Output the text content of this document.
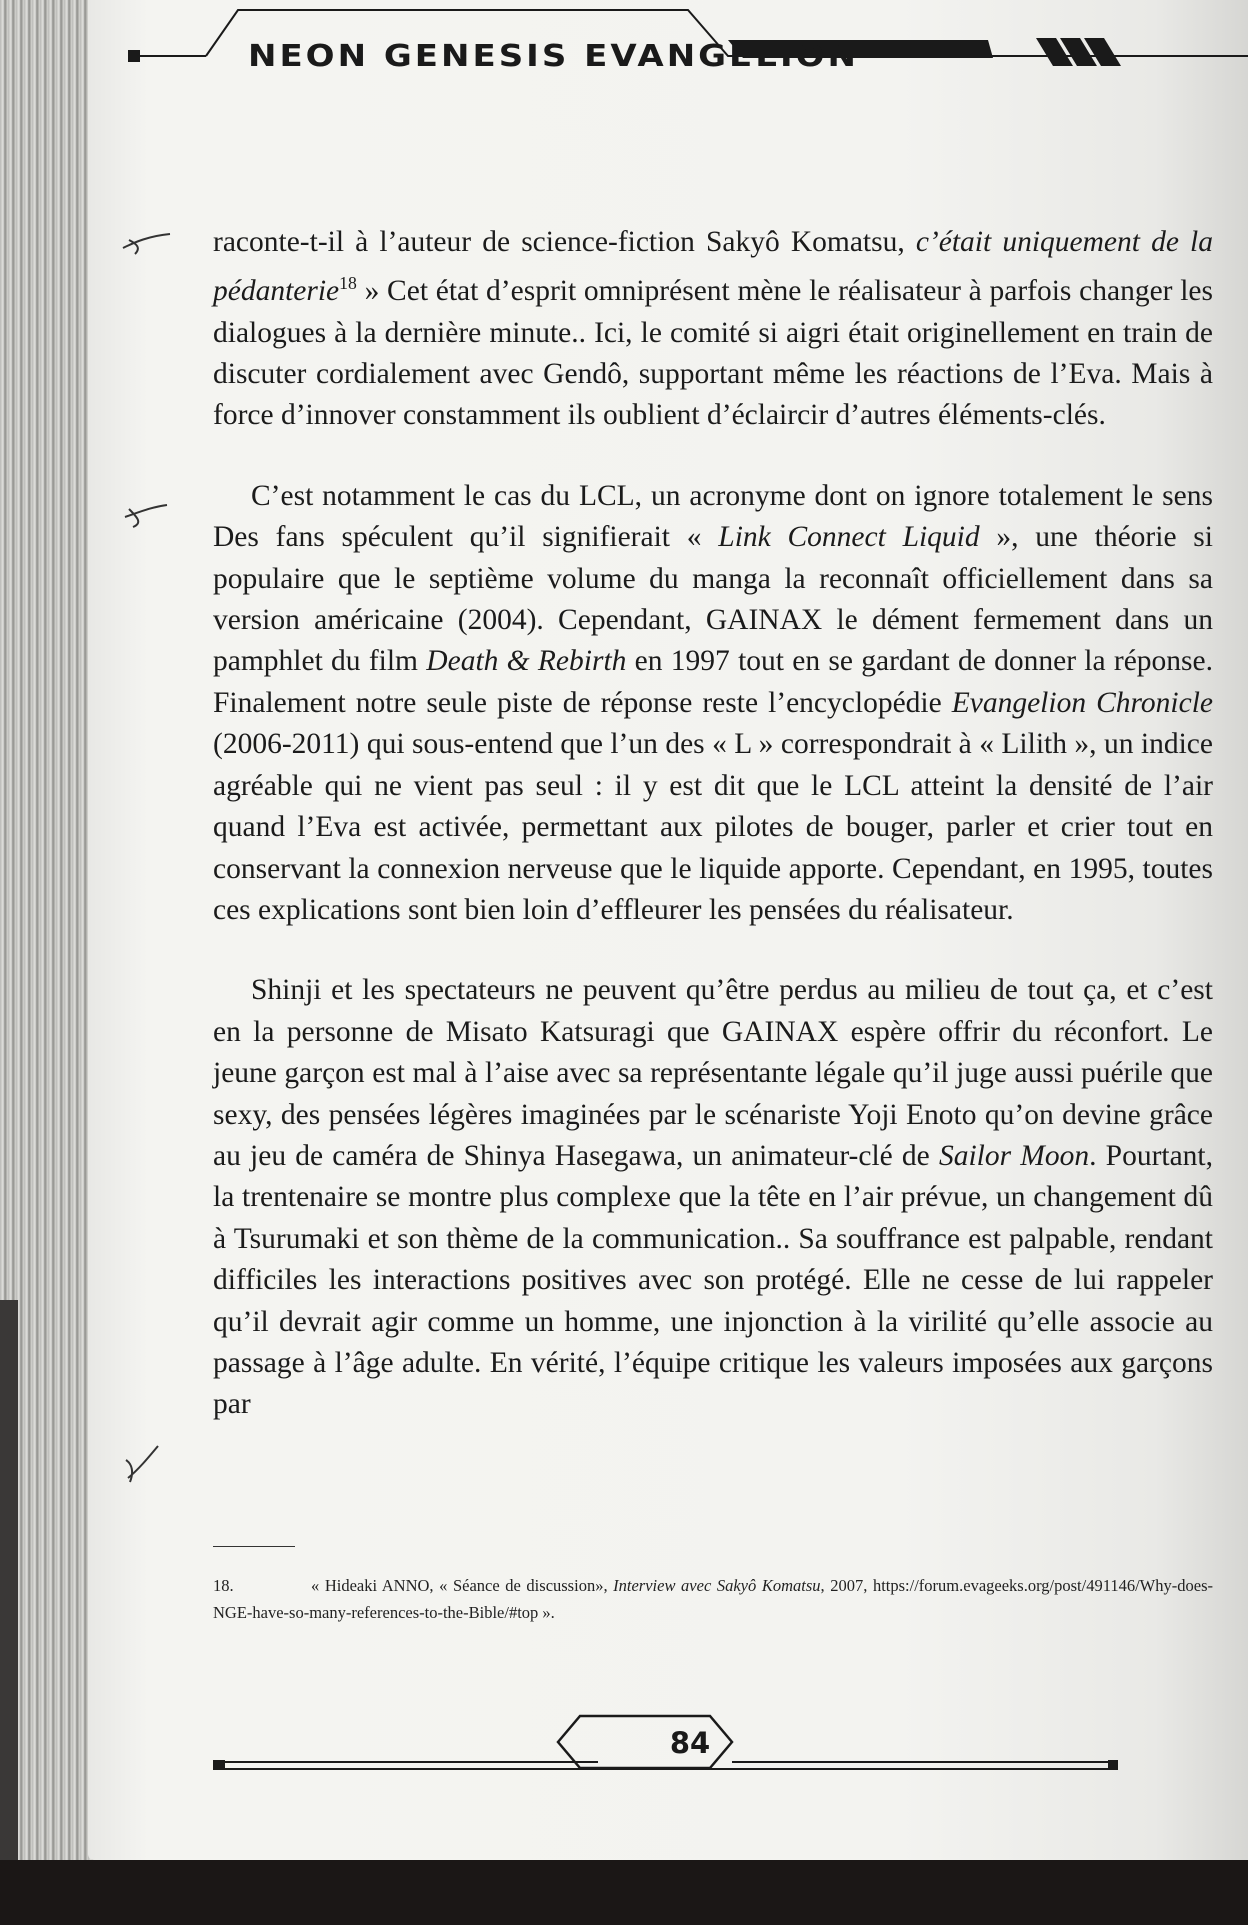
NEON GENESIS EVANGELION

raconte-t-il à l’auteur de science-fiction Sakyô Komatsu, c’était uniquement de la pédanterie$^{18}$ » Cet état d’esprit omniprésent mène le réalisateur à parfois changer les dialogues à la dernière minute.. Ici, le comité si aigri était originellement en train de discuter cordialement avec Gendô, supportant même les réactions de l’Eva. Mais à force d’innover constamment ils oublient d’éclaircir d’autres éléments-clés.

C’est notamment le cas du LCL, un acronyme dont on ignore totalement le sens Des fans spéculent qu’il signifierait « Link Connect Liquid », une théorie si populaire que le septième volume du manga la reconnaît officiellement dans sa version américaine (2004). Cependant, GAINAX le dément fermement dans un pamphlet du film Death & Rebirth en 1997 tout en se gardant de donner la réponse. Finalement notre seule piste de réponse reste l’encyclopédie Evangelion Chronicle (2006-2011) qui sous-entend que l’un des « L » correspondrait à « Lilith », un indice agréable qui ne vient pas seul : il y est dit que le LCL atteint la densité de l’air quand l’Eva est activée, permettant aux pilotes de bouger, parler et crier tout en conservant la connexion nerveuse que le liquide apporte. Cependant, en 1995, toutes ces explications sont bien loin d’effleurer les pensées du réalisateur.

Shinji et les spectateurs ne peuvent qu’être perdus au milieu de tout ça, et c’est en la personne de Misato Katsuragi que GAINAX espère offrir du réconfort. Le jeune garçon est mal à l’aise avec sa représentante légale qu’il juge aussi puérile que sexy, des pensées légères imaginées par le scénariste Yoji Enoto qu’on devine grâce au jeu de caméra de Shinya Hasegawa, un animateur-clé de Sailor Moon. Pourtant, la trentenaire se montre plus complexe que la tête en l’air prévue, un changement dû à Tsurumaki et son thème de la communication.. Sa souffrance est palpable, rendant difficiles les interactions positives avec son protégé. Elle ne cesse de lui rappeler qu’il devrait agir comme un homme, une injonction à la virilité qu’elle associe au passage à l’âge adulte. En vérité, l’équipe critique les valeurs imposées aux garçons par

18.	« Hideaki ANNO, « Séance de discussion», Interview avec Sakyô Komatsu, 2007, https://forum.evageeks.org/post/491146/Why-does-NGE-have-so-many-references-to-the-Bible/#top ».
84
